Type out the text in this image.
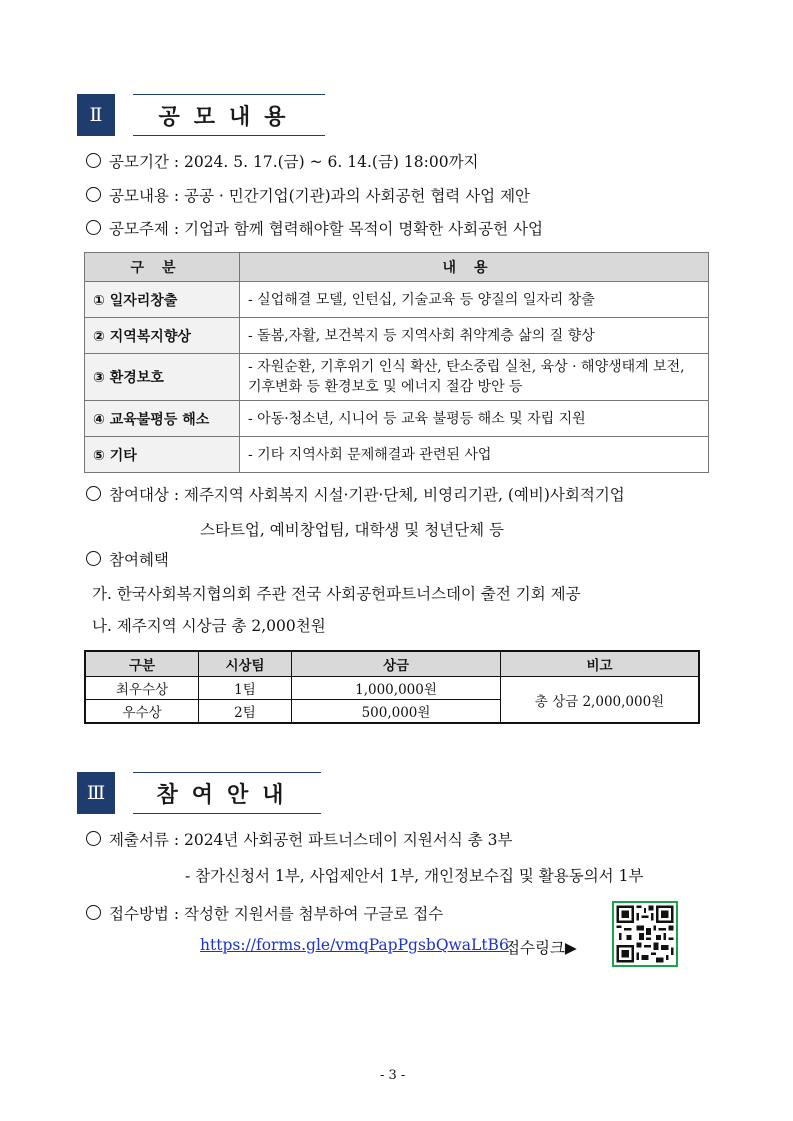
Ⅱ	공모내용
공모기간 : 2024. 5. 17.(금) ~ 6. 14.(금) 18:00까지
공모내용 : 공공 · 민간기업(기관)과의 사회공헌 협력 사업 제안
공모주제 : 기업과 함께 협력해야할 목적이 명확한 사회공헌 사업
구분	내용
① 일자리창출	- 실업해결 모델, 인턴십, 기술교육 등 양질의 일자리 창출
② 지역복지향상	- 돌봄,자활, 보건복지 등 지역사회 취약계층 삶의 질 향상
③ 환경보호	- 자원순환, 기후위기 인식 확산, 탄소중립 실천, 육상 · 해양생태계 보전, 기후변화 등 환경보호 및 에너지 절감 방안 등
④ 교육불평등 해소	- 아동·청소년, 시니어 등 교육 불평등 해소 및 자립 지원
⑤ 기타	- 기타 지역사회 문제해결과 관련된 사업
참여대상 : 제주지역 사회복지 시설·기관·단체, 비영리기관, (예비)사회적기업
스타트업, 예비창업팀, 대학생 및 청년단체 등
참여혜택
가. 한국사회복지협의회 주관 전국 사회공헌파트너스데이 출전 기회 제공
나. 제주지역 시상금 총 2,000천원
구분	시상팀	상금	비고
최우수상	1팀	1,000,000원	총 상금 2,000,000원
우수상	2팀	500,000원	
Ⅲ	참여안내
제출서류 : 2024년 사회공헌 파트너스데이 지원서식 총 3부
- 참가신청서 1부, 사업제안서 1부, 개인정보수집 및 활용동의서 1부
접수방법 : 작성한 지원서를 첨부하여 구글로 접수
https://forms.gle/vmqPapPgsbQwaLtB6
접수링크▶
- 3 -
